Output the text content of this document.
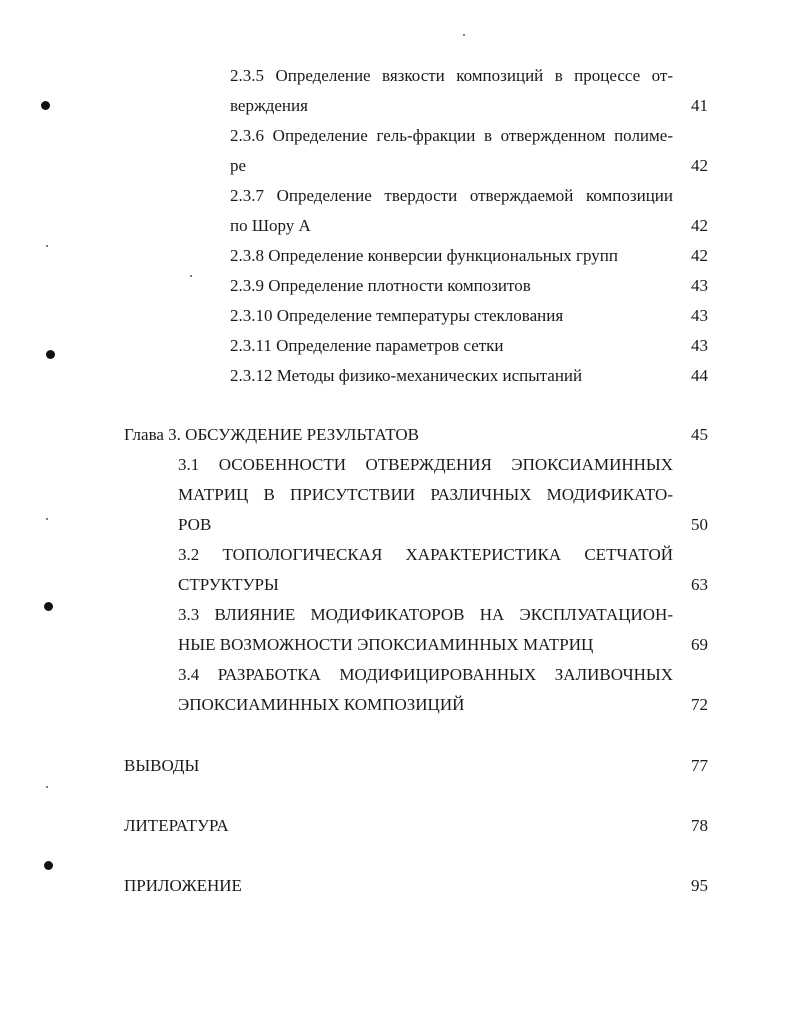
2.3.5 Определение вязкости композиций в процессе от-
верждения	41
2.3.6 Определение гель-фракции в отвержденном полиме-
ре	42
2.3.7 Определение твердости отверждаемой композиции
по Шору А	42
2.3.8 Определение конверсии функциональных групп	42
2.3.9 Определение плотности композитов	43
2.3.10 Определение температуры стеклования	43
2.3.11 Определение параметров сетки	43
2.3.12 Методы физико-механических испытаний	44
Глава 3. ОБСУЖДЕНИЕ РЕЗУЛЬТАТОВ	45
3.1 ОСОБЕННОСТИ ОТВЕРЖДЕНИЯ ЭПОКСИАМИННЫХ
МАТРИЦ В ПРИСУТСТВИИ РАЗЛИЧНЫХ МОДИФИКАТО-
РОВ	50
3.2 ТОПОЛОГИЧЕСКАЯ ХАРАКТЕРИСТИКА СЕТЧАТОЙ
СТРУКТУРЫ	63
3.3 ВЛИЯНИЕ МОДИФИКАТОРОВ НА ЭКСПЛУАТАЦИОН-
НЫЕ ВОЗМОЖНОСТИ ЭПОКСИАМИННЫХ МАТРИЦ	69
3.4 РАЗРАБОТКА МОДИФИЦИРОВАННЫХ ЗАЛИВОЧНЫХ
ЭПОКСИАМИННЫХ КОМПОЗИЦИЙ	72
ВЫВОДЫ	77
ЛИТЕРАТУРА	78
ПРИЛОЖЕНИЕ	95
